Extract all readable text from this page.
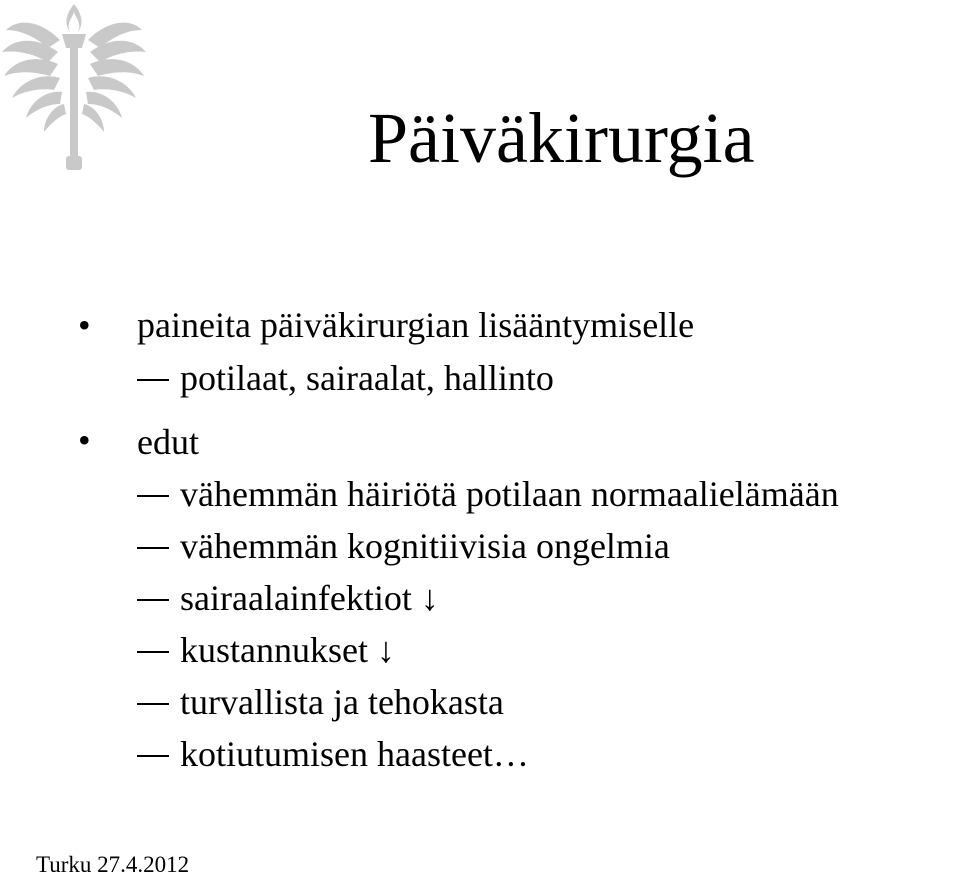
Päiväkirurgia
• paineita päiväkirurgian lisääntymiselle
potilaat, sairaalat, hallinto
• edut
vähemmän häiriötä potilaan normaalielämään
vähemmän kognitiivisia ongelmia
sairaalainfektiot ↓
kustannukset ↓
turvallista ja tehokasta
kotiutumisen haasteet…
Turku 27.4.2012
